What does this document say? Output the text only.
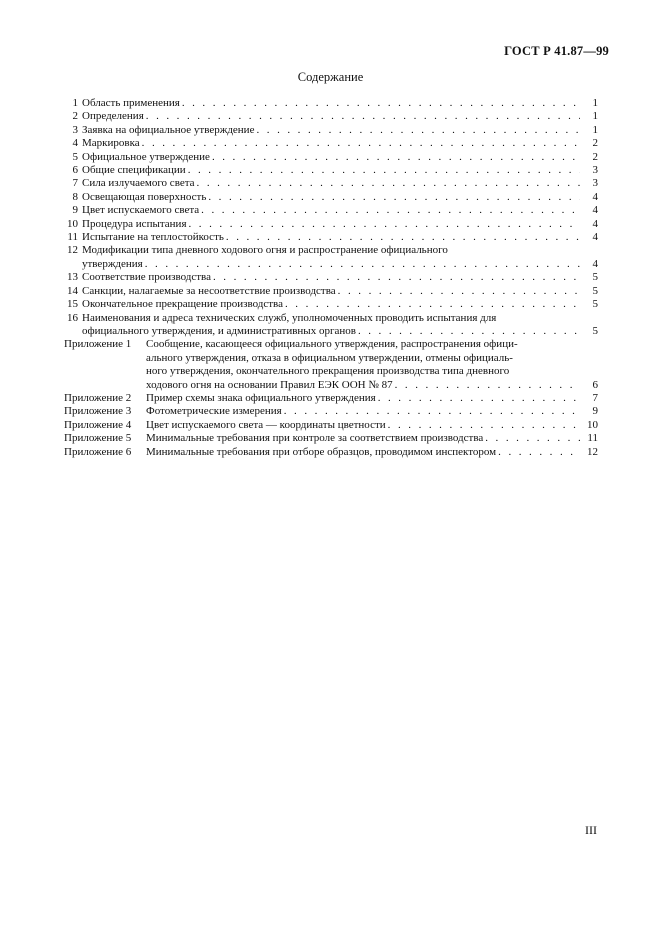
ГОСТ Р 41.87—99
Содержание
1 Область применения . . .	1
2 Определения . . .	1
3 Заявка на официальное утверждение . . .	1
4 Маркировка . . .	2
5 Официальное утверждение . . .	2
6 Общие спецификации . . .	3
7 Сила излучаемого света . . .	3
8 Освещающая поверхность . . .	4
9 Цвет испускаемого света . . .	4
10 Процедура испытания . . .	4
11 Испытание на теплостойкость . . .	4
12 Модификации типа дневного ходового огня и распространение официального
утверждения . . .	4
13 Соответствие производства . . .	5
14 Санкции, налагаемые за несоответствие производства . . .	5
15 Окончательное прекращение производства . . .	5
16 Наименования и адреса технических служб, уполномоченных проводить испытания для
официального утверждения, и административных органов . . .	5
Приложение 1	Сообщение, касающееся официального утверждения, распространения офици-
ального утверждения, отказа в официальном утверждении, отмены официаль-
ного утверждения, окончательного прекращения производства типа дневного
ходового огня на основании Правил ЕЭК ООН № 87 . . .	6
Приложение 2	Пример схемы знака официального утверждения . . .	7
Приложение 3	Фотометрические измерения . . .	9
Приложение 4	Цвет испускаемого света — координаты цветности . . .	10
Приложение 5	Минимальные требования при контроле за соответствием производства . . .	11
Приложение 6	Минимальные требования при отборе образцов, проводимом инспектором . . .	12
III
